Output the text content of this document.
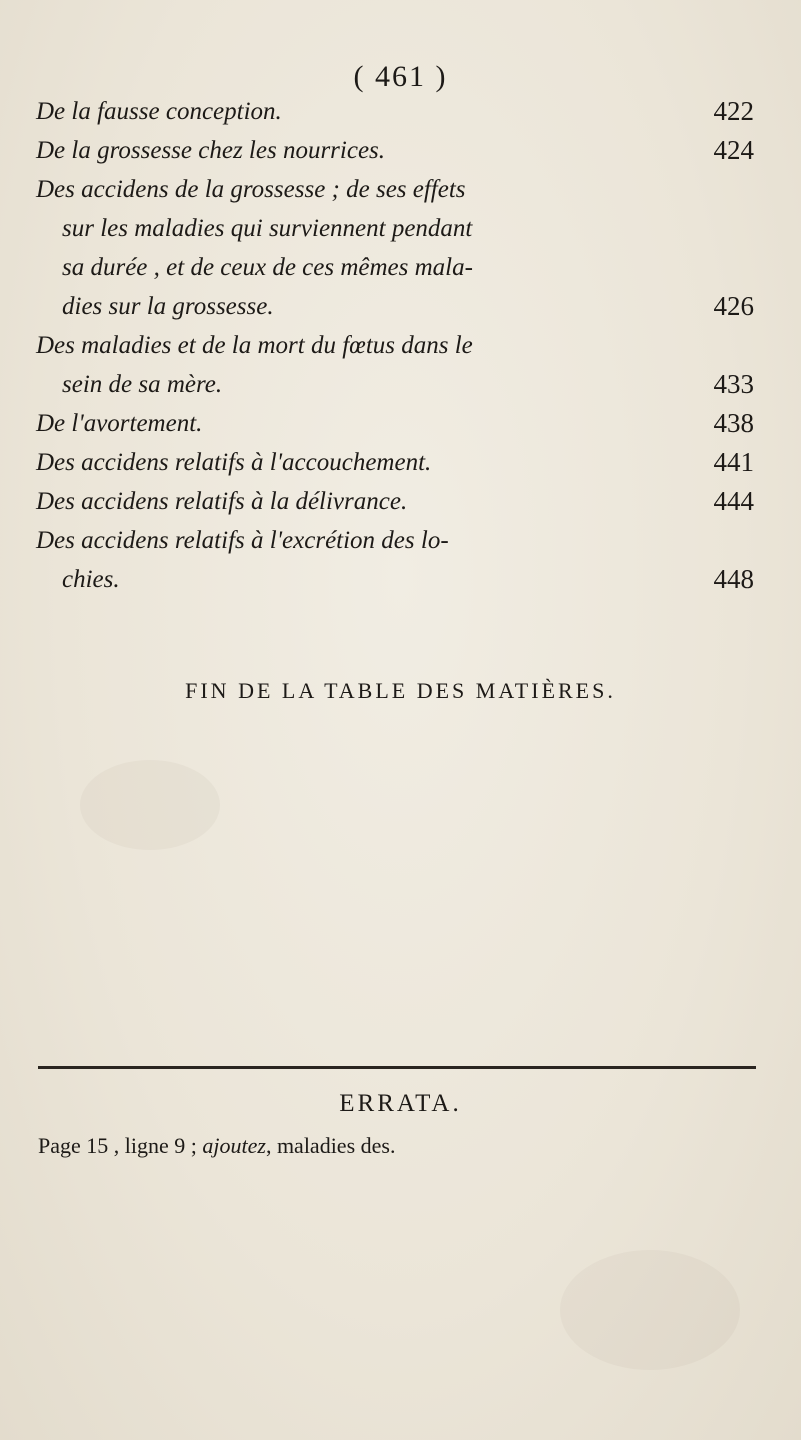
( 461 )
De la fausse conception.	422
De la grossesse chez les nourrices.	424
Des accidens de la grossesse ; de ses effets
sur les maladies qui surviennent pendant
sa durée , et de ceux de ces mêmes mala-
dies sur la grossesse.	426
Des maladies et de la mort du fœtus dans le
sein de sa mère.	433
De l'avortement.	438
Des accidens relatifs à l'accouchement.	441
Des accidens relatifs à la délivrance.	444
Des accidens relatifs à l'excrétion des lo-
chies.	448
FIN DE LA TABLE DES MATIÈRES.
ERRATA.
Page 15 , ligne 9 ; ajoutez, maladies des.
